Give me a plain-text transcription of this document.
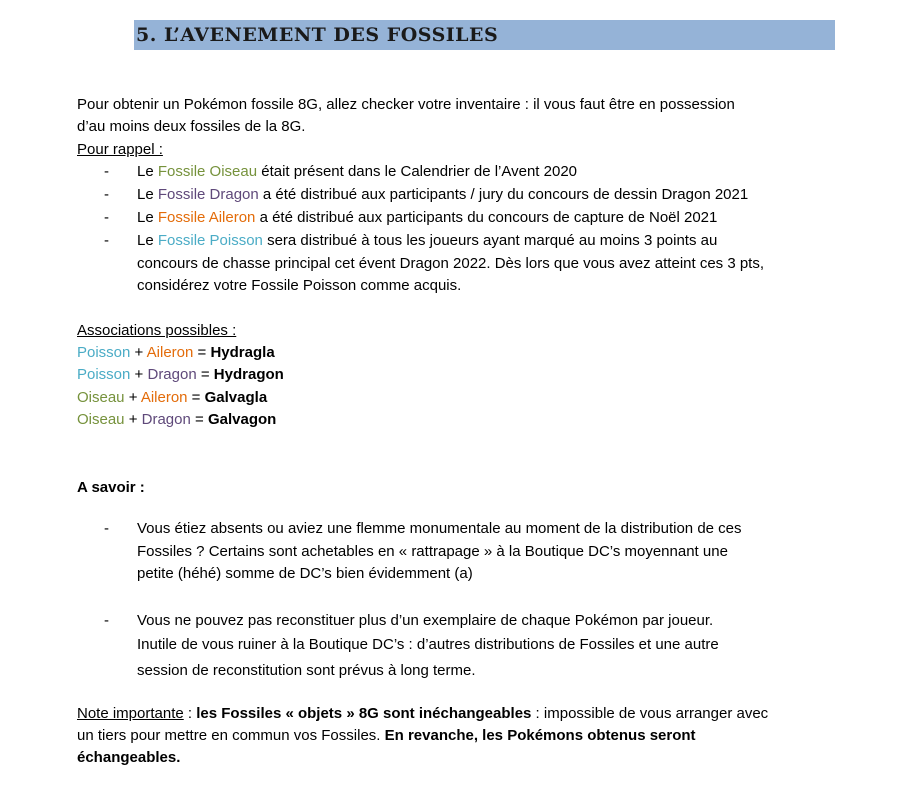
5. L’AVENEMENT DES FOSSILES
Pour obtenir un Pokémon fossile 8G, allez checker votre inventaire : il vous faut être en possession
d’au moins deux fossiles de la 8G.
Pour rappel :
- Le Fossile Oiseau était présent dans le Calendrier de l’Avent 2020
- Le Fossile Dragon a été distribué aux participants / jury du concours de dessin Dragon 2021
- Le Fossile Aileron a été distribué aux participants du concours de capture de Noël 2021
- Le Fossile Poisson sera distribué à tous les joueurs ayant marqué au moins 3 points au
concours de chasse principal cet évent Dragon 2022. Dès lors que vous avez atteint ces 3 pts,
considérez votre Fossile Poisson comme acquis.
Associations possibles :
Poisson + Aileron = Hydragla
Poisson + Dragon = Hydragon
Oiseau + Aileron = Galvagla
Oiseau + Dragon = Galvagon
A savoir :
- Vous étiez absents ou aviez une flemme monumentale au moment de la distribution de ces
Fossiles ? Certains sont achetables en « rattrapage » à la Boutique DC’s moyennant une
petite (héhé) somme de DC’s bien évidemment (a)
- Vous ne pouvez pas reconstituer plus d’un exemplaire de chaque Pokémon par joueur.
Inutile de vous ruiner à la Boutique DC’s : d’autres distributions de Fossiles et une autre
session de reconstitution sont prévus à long terme.
Note importante : les Fossiles « objets » 8G sont inéchangeables : impossible de vous arranger avec
un tiers pour mettre en commun vos Fossiles. En revanche, les Pokémons obtenus seront
échangeables.
